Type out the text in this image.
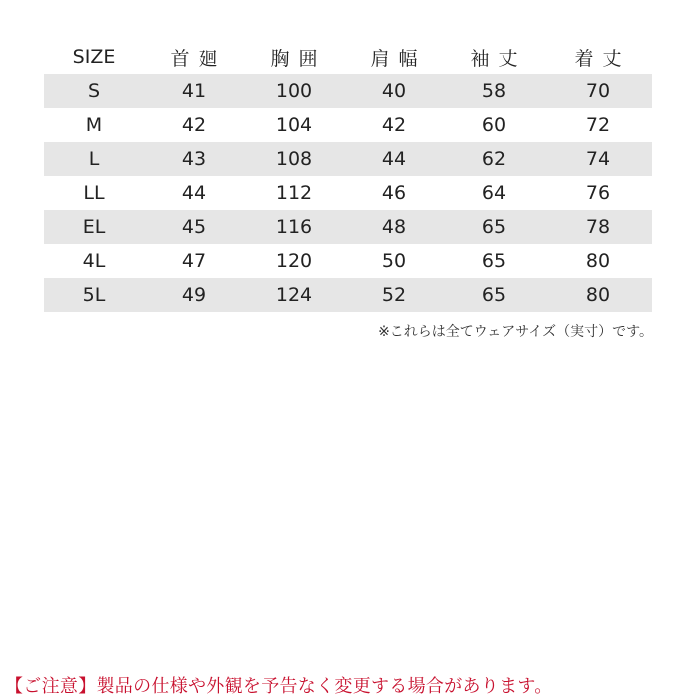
SIZE	首廻	胸囲	肩幅	袖丈	着丈
S	41	100	40	58	70
M	42	104	42	60	72
L	43	108	44	62	74
LL	44	112	46	64	76
EL	45	116	48	65	78
4L	47	120	50	65	80
5L	49	124	52	65	80
※これらは全てウェアサイズ（実寸）です。
【ご注意】製品の仕様や外観を予告なく変更する場合があります。
